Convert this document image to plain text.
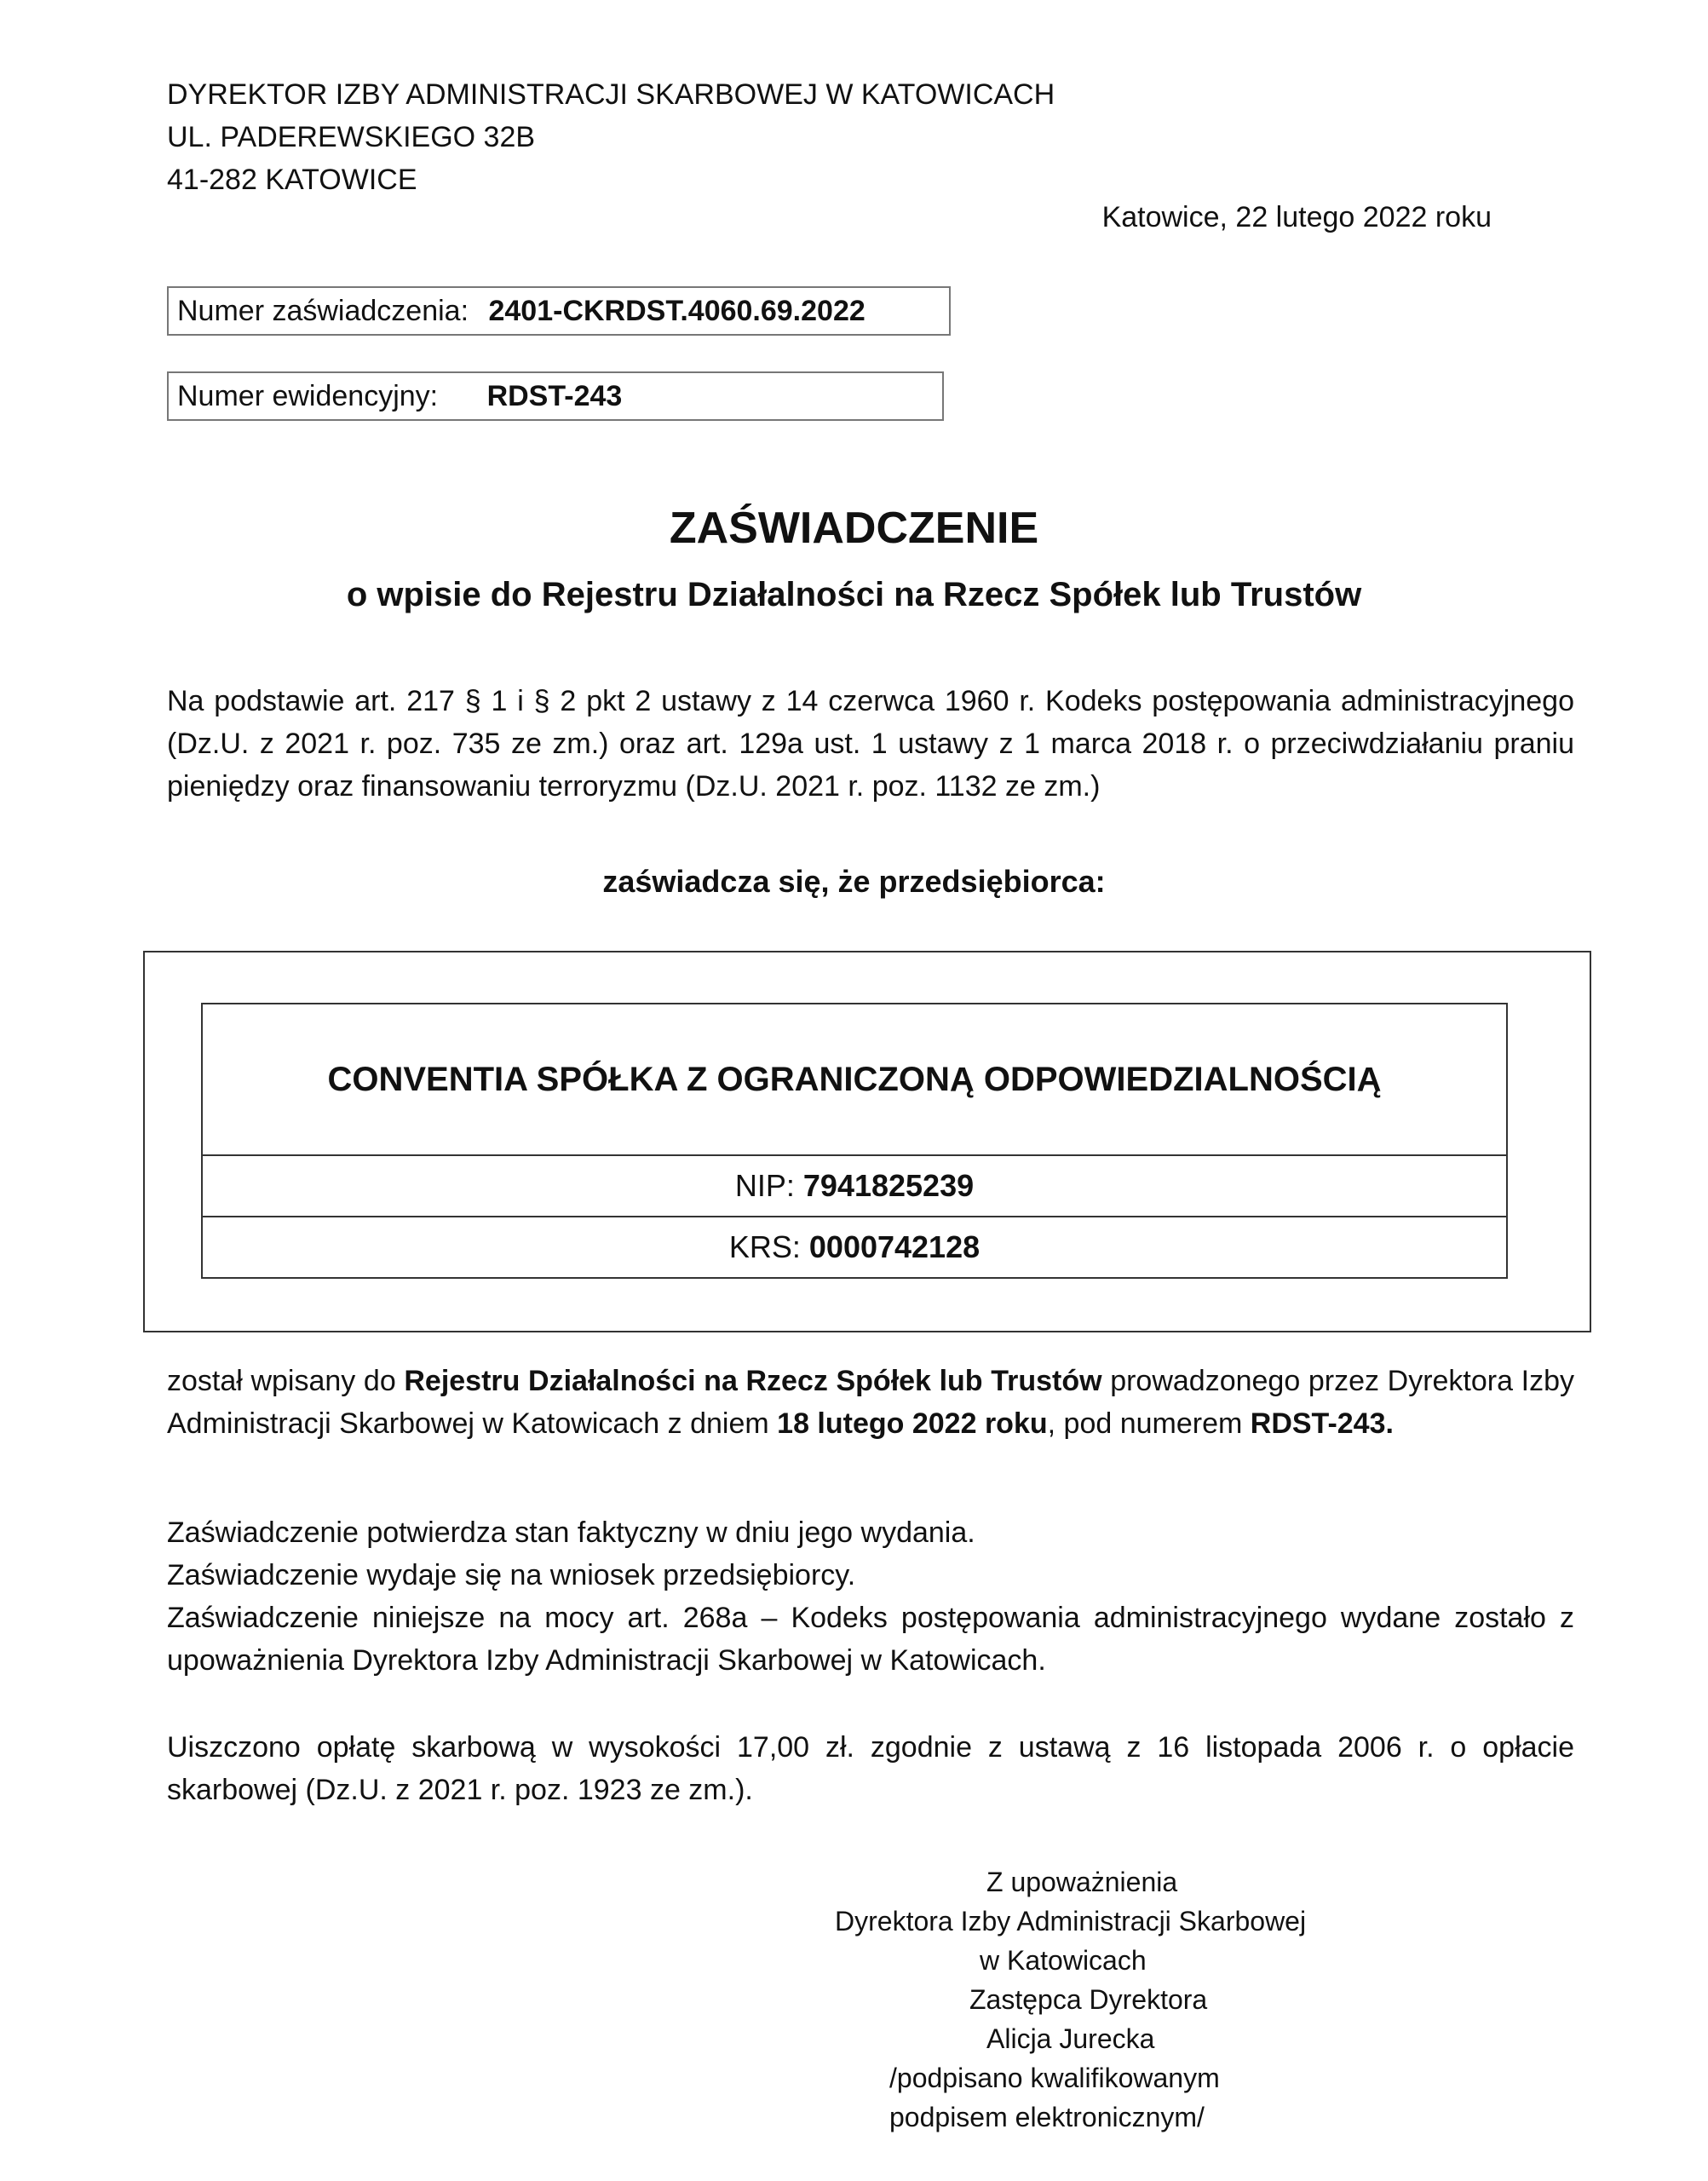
DYREKTOR IZBY ADMINISTRACJI SKARBOWEJ W KATOWICACH
UL. PADEREWSKIEGO 32B
41-282 KATOWICE
Katowice, 22 lutego 2022 roku
Numer zaświadczenia: 2401-CKRDST.4060.69.2022
Numer ewidencyjny: RDST-243
ZAŚWIADCZENIE
o wpisie do Rejestru Działalności na Rzecz Spółek lub Trustów

Na podstawie art. 217 § 1 i § 2 pkt 2 ustawy z 14 czerwca 1960 r. Kodeks postępowania administracyjnego (Dz.U. z 2021 r. poz. 735 ze zm.) oraz art. 129a ust. 1 ustawy z 1 marca 2018 r. o przeciwdziałaniu praniu pieniędzy oraz finansowaniu terroryzmu (Dz.U. 2021 r. poz. 1132 ze zm.)

zaświadcza się, że przedsiębiorca:
CONVENTIA SPÓŁKA Z OGRANICZONĄ ODPOWIEDZIALNOŚCIĄ
NIP: 7941825239
KRS: 0000742128

został wpisany do Rejestru Działalności na Rzecz Spółek lub Trustów prowadzonego przez Dyrektora Izby Administracji Skarbowej w Katowicach z dniem 18 lutego 2022 roku, pod numerem RDST-243.

Zaświadczenie potwierdza stan faktyczny w dniu jego wydania.

Zaświadczenie wydaje się na wniosek przedsiębiorcy.

Zaświadczenie niniejsze na mocy art. 268a – Kodeks postępowania administracyjnego wydane zostało z upoważnienia Dyrektora Izby Administracji Skarbowej w Katowicach.

Uiszczono opłatę skarbową w wysokości 17,00 zł. zgodnie z ustawą z 16 listopada 2006 r. o opłacie skarbowej (Dz.U. z 2021 r. poz. 1923 ze zm.).

Z upoważnienia
Dyrektora Izby Administracji Skarbowej
w Katowicach
Zastępca Dyrektora
Alicja Jurecka
/podpisano kwalifikowanym
podpisem elektronicznym/
